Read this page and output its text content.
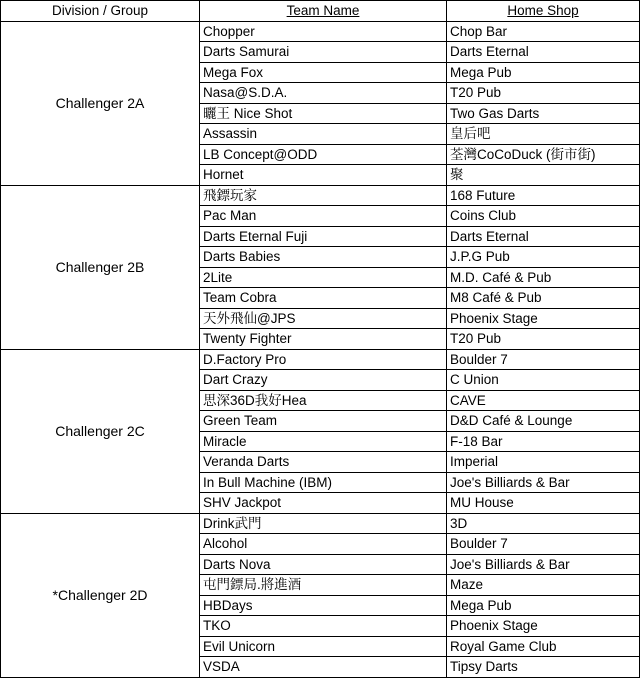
Division / Group	Team Name	Home Shop
Challenger 2A	Chopper	Chop Bar
	Darts Samurai	Darts Eternal
	Mega Fox	Mega Pub
	Nasa@S.D.A.	T20 Pub
	曬王 Nice Shot	Two Gas Darts
	Assassin	皇后吧
	LB Concept@ODD	荃灣CoCoDuck (街市街)
	Hornet	聚
Challenger 2B	飛鏢玩家	168 Future
	Pac Man	Coins Club
	Darts Eternal Fuji	Darts Eternal
	Darts Babies	J.P.G Pub
	2Lite	M.D. Café & Pub
	Team Cobra	M8 Café & Pub
	天外飛仙@JPS	Phoenix Stage
	Twenty Fighter	T20 Pub
Challenger 2C	D.Factory Pro	Boulder 7
	Dart Crazy	C Union
	思深36D我好Hea	CAVE
	Green Team	D&D Café & Lounge
	Miracle	F-18 Bar
	Veranda Darts	Imperial
	In Bull Machine (IBM)	Joe's Billiards & Bar
	SHV Jackpot	MU House
*Challenger 2D	Drink武門	3D
	Alcohol	Boulder 7
	Darts Nova	Joe's Billiards & Bar
	屯門鏢局.將進酒	Maze
	HBDays	Mega Pub
	TKO	Phoenix Stage
	Evil Unicorn	Royal Game Club
	VSDA	Tipsy Darts
